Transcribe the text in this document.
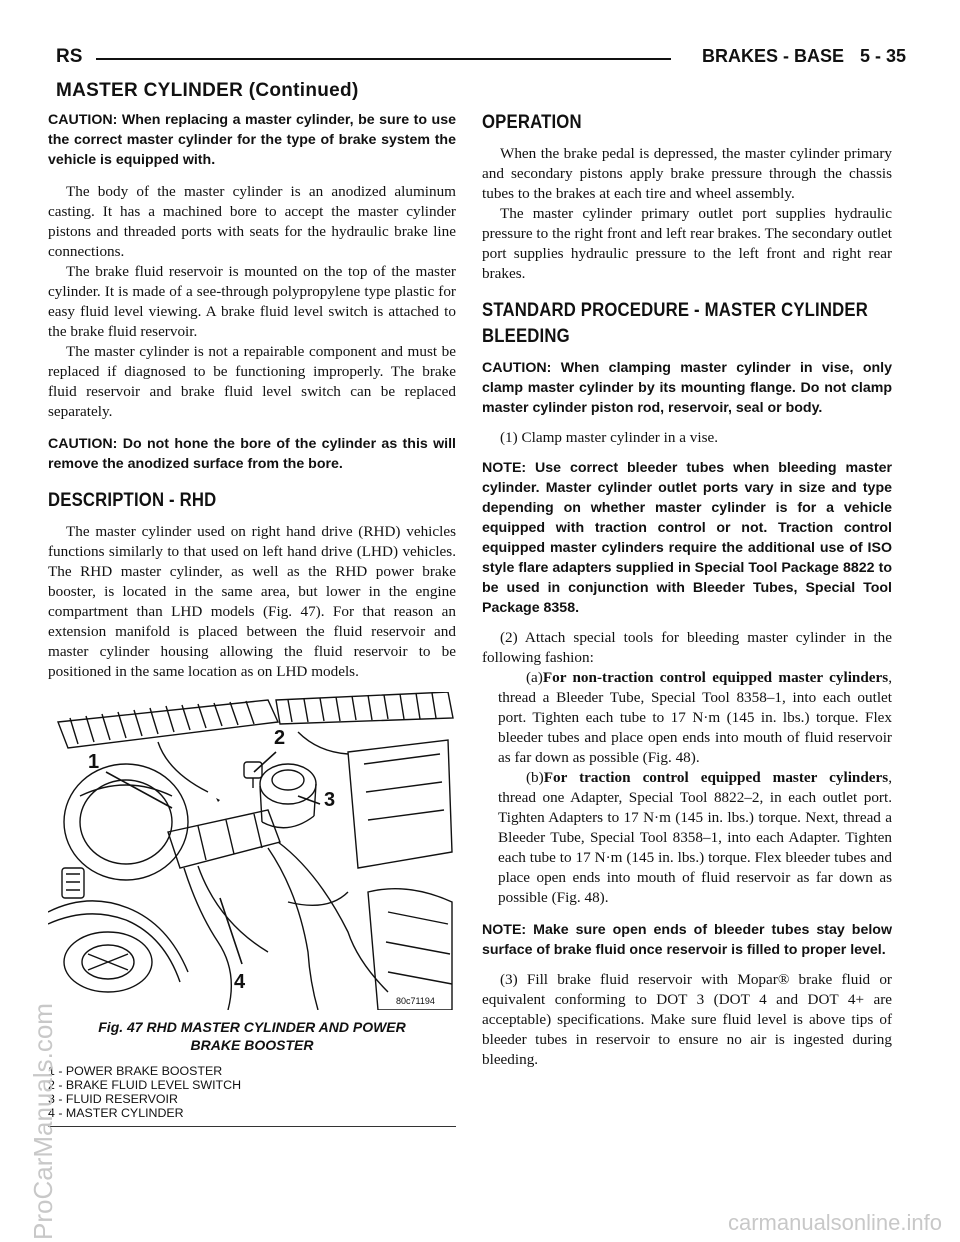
RS	BRAKES - BASE 5 - 35
MASTER CYLINDER (Continued)

CAUTION: When replacing a master cylinder, be sure to use the correct master cylinder for the type of brake system the vehicle is equipped with.

The body of the master cylinder is an anodized aluminum casting. It has a machined bore to accept the master cylinder pistons and threaded ports with seats for the hydraulic brake line connections.

The brake fluid reservoir is mounted on the top of the master cylinder. It is made of a see-through polypropylene type plastic for easy fluid level viewing. A brake fluid level switch is attached to the brake fluid reservoir.

The master cylinder is not a repairable component and must be replaced if diagnosed to be functioning improperly. The brake fluid reservoir and brake fluid level switch can be replaced separately.

CAUTION: Do not hone the bore of the cylinder as this will remove the anodized surface from the bore.

DESCRIPTION - RHD

The master cylinder used on right hand drive (RHD) vehicles functions similarly to that used on left hand drive (LHD) vehicles. The RHD master cylinder, as well as the RHD power brake booster, is located in the same area, but lower in the engine compartment than LHD models (Fig. 47). For that reason an extension manifold is placed between the fluid reservoir and master cylinder housing allowing the fluid reservoir to be positioned in the same location as on LHD models.

1
2
3
4
80c71194
Fig. 47 RHD MASTER CYLINDER AND POWER
BRAKE BOOSTER
1 - POWER BRAKE BOOSTER
2 - BRAKE FLUID LEVEL SWITCH
3 - FLUID RESERVOIR
4 - MASTER CYLINDER
OPERATION

When the brake pedal is depressed, the master cylinder primary and secondary pistons apply brake pressure through the chassis tubes to the brakes at each tire and wheel assembly.

The master cylinder primary outlet port supplies hydraulic pressure to the right front and left rear brakes. The secondary outlet port supplies hydraulic pressure to the left front and right rear brakes.

STANDARD PROCEDURE - MASTER CYLINDER
BLEEDING

CAUTION: When clamping master cylinder in vise, only clamp master cylinder by its mounting flange. Do not clamp master cylinder piston rod, reservoir, seal or body.

(1) Clamp master cylinder in a vise.

NOTE: Use correct bleeder tubes when bleeding master cylinder. Master cylinder outlet ports vary in size and type depending on whether master cylinder is for a vehicle equipped with traction control or not. Traction control equipped master cylinders require the additional use of ISO style flare adapters supplied in Special Tool Package 8822 to be used in conjunction with Bleeder Tubes, Special Tool Package 8358.

(2) Attach special tools for bleeding master cylinder in the following fashion:

(a)For non-traction control equipped master cylinders, thread a Bleeder Tube, Special Tool 8358–1, into each outlet port. Tighten each tube to 17 N·m (145 in. lbs.) torque. Flex bleeder tubes and place open ends into mouth of fluid reservoir as far down as possible (Fig. 48).

(b)For traction control equipped master cylinders, thread one Adapter, Special Tool 8822–2, in each outlet port. Tighten Adapters to 17 N·m (145 in. lbs.) torque. Next, thread a Bleeder Tube, Special Tool 8358–1, into each Adapter. Tighten each tube to 17 N·m (145 in. lbs.) torque. Flex bleeder tubes and place open ends into mouth of fluid reservoir as far down as possible (Fig. 48).

NOTE: Make sure open ends of bleeder tubes stay below surface of brake fluid once reservoir is filled to proper level.

(3) Fill brake fluid reservoir with Mopar® brake fluid or equivalent conforming to DOT 3 (DOT 4 and DOT 4+ are acceptable) specifications. Make sure fluid level is above tips of bleeder tubes in reservoir to ensure no air is ingested during bleeding.

ProCarManuals.com	carmanualsonline.info
